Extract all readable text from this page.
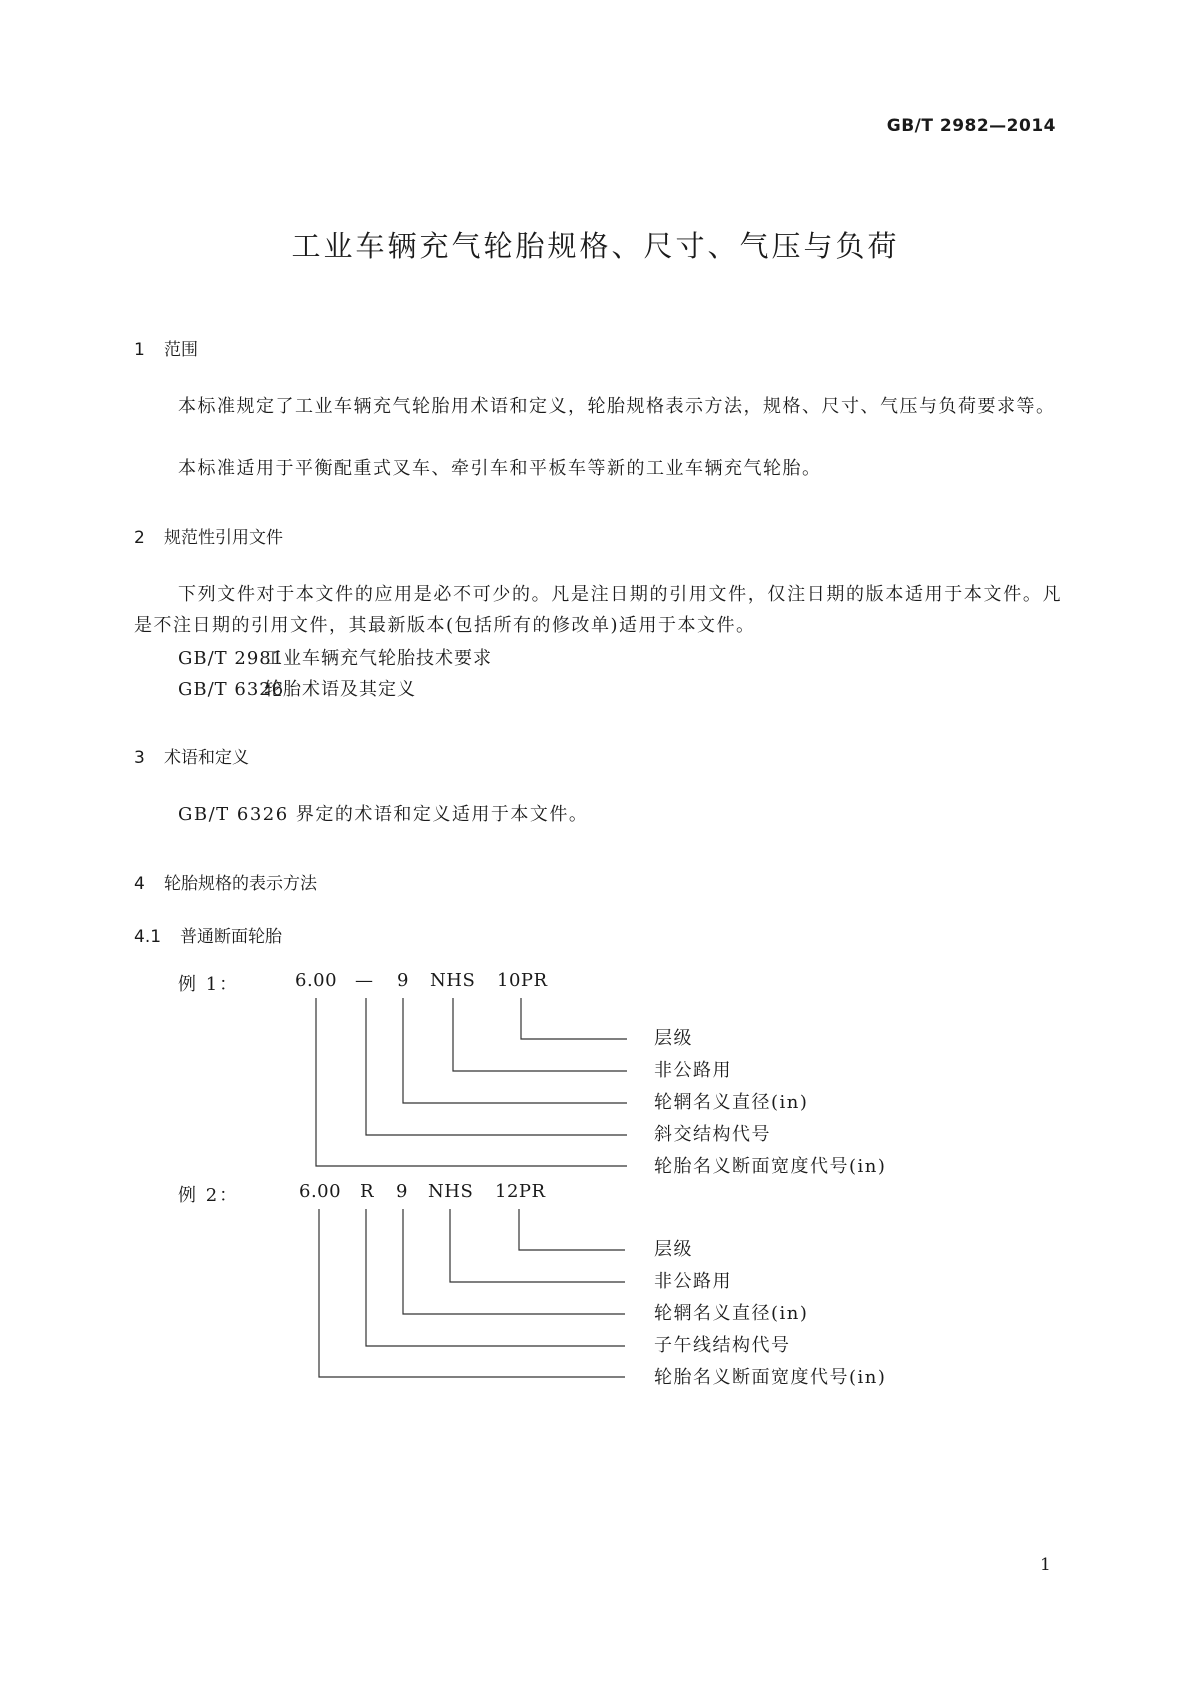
GB/T 2982—2014
工业车辆充气轮胎规格、尺寸、气压与负荷
1 范围
本标准规定了工业车辆充气轮胎用术语和定义，轮胎规格表示方法，规格、尺寸、气压与负荷要求等。
本标准适用于平衡配重式叉车、牵引车和平板车等新的工业车辆充气轮胎。
2 规范性引用文件
下列文件对于本文件的应用是必不可少的。凡是注日期的引用文件，仅注日期的版本适用于本文件。凡是不注日期的引用文件，其最新版本(包括所有的修改单)适用于本文件。
GB/T 2981工业车辆充气轮胎技术要求
GB/T 6326轮胎术语及其定义
3 术语和定义
GB/T 6326 界定的术语和定义适用于本文件。
4 轮胎规格的表示方法
4.1 普通断面轮胎
例 1：	6.00 — 9 NHS 10PR
层级
非公路用
轮辋名义直径(in)
斜交结构代号
轮胎名义断面宽度代号(in)
例 2：	6.00 R 9 NHS 12PR
层级
非公路用
轮辋名义直径(in)
子午线结构代号
轮胎名义断面宽度代号(in)
1
